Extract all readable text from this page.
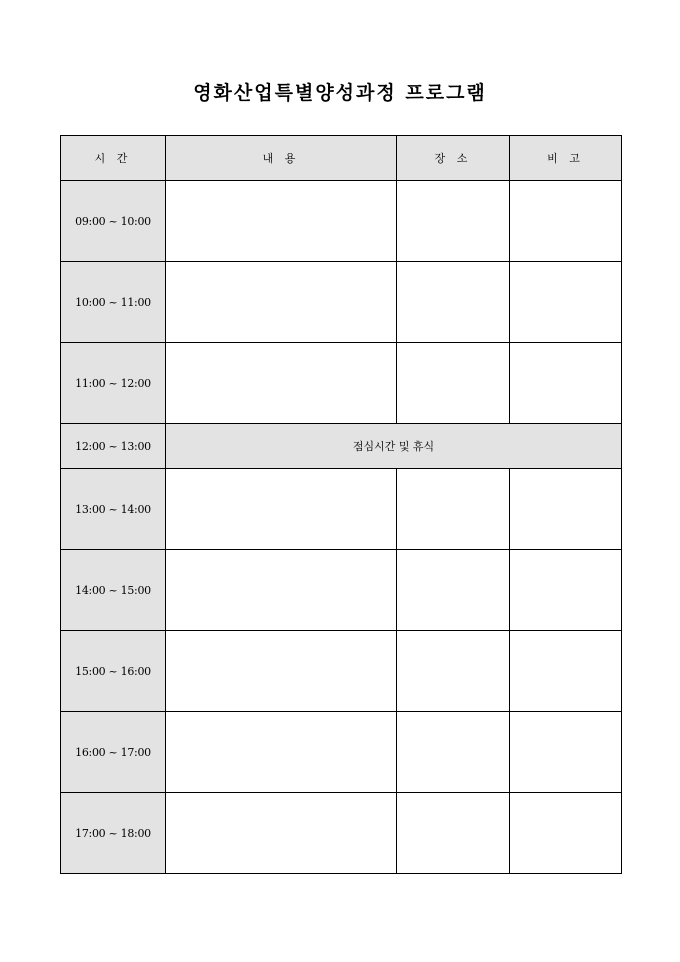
영화산업특별양성과정 프로그램
시 간	내 용	장 소	비 고
09:00 ~ 10:00			
10:00 ~ 11:00			
11:00 ~ 12:00			
12:00 ~ 13:00	점심시간 및 휴식		
13:00 ~ 14:00			
14:00 ~ 15:00			
15:00 ~ 16:00			
16:00 ~ 17:00			
17:00 ~ 18:00			
